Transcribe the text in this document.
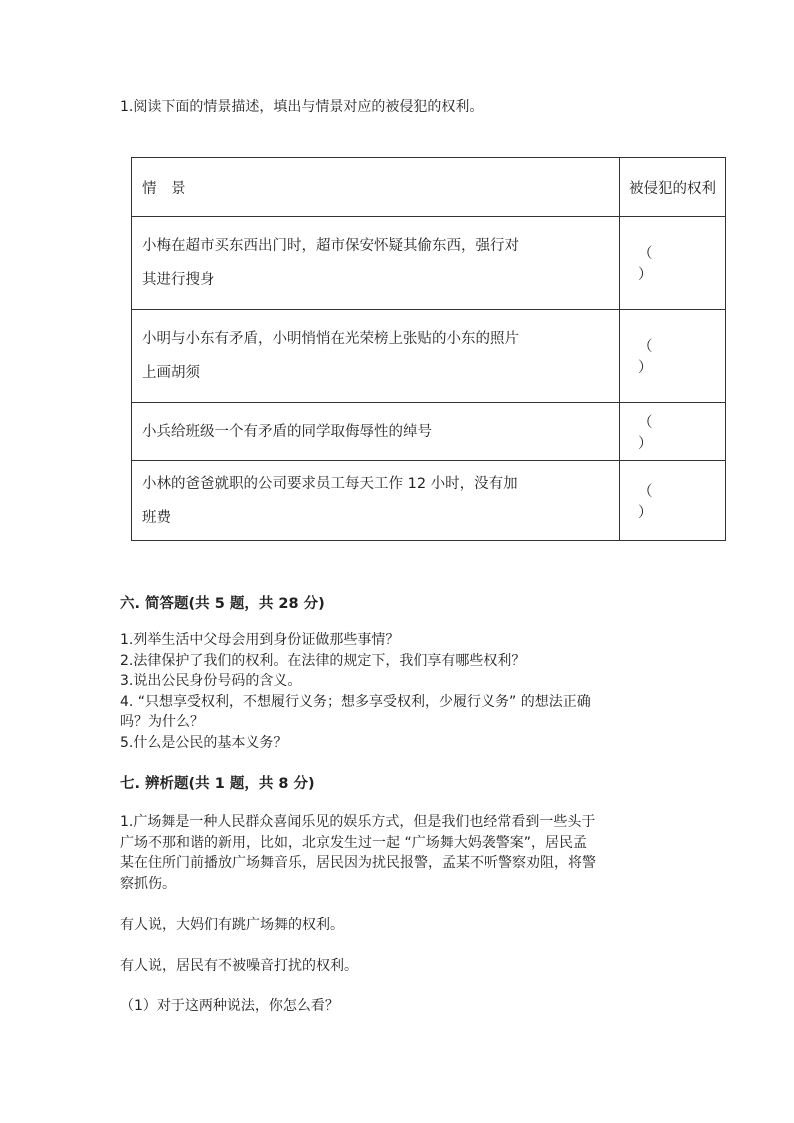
1.阅读下面的情景描述，填出与情景对应的被侵犯的权利。
情　景	被侵犯的权利

小梅在超市买东西出门时，超市保安怀疑其偷东西，强行对
其进行搜身	（）

小明与小东有矛盾，小明悄悄在光荣榜上张贴的小东的照片
上画胡须	（）

小兵给班级一个有矛盾的同学取侮辱性的绰号	（）

小林的爸爸就职的公司要求员工每天工作 12 小时，没有加
班费	（）
六. 简答题(共 5 题，共 28 分)
1.列举生活中父母会用到身份证做那些事情？
2.法律保护了我们的权利。在法律的规定下，我们享有哪些权利？
3.说出公民身份号码的含义。
4. “只想享受权利，不想履行义务；想多享受权利，少履行义务” 的想法正确
吗？为什么？
5.什么是公民的基本义务？
七. 辨析题(共 1 题，共 8 分)
1.广场舞是一种人民群众喜闻乐见的娱乐方式，但是我们也经常看到一些头于
广场不那和谐的新用，比如，北京发生过一起 “广场舞大妈袭警案”，居民孟
某在住所门前播放广场舞音乐，居民因为扰民报警，孟某不听警察劝阻，将警
察抓伤。
有人说，大妈们有跳广场舞的权利。
有人说，居民有不被噪音打扰的权利。
（1）对于这两种说法，你怎么看？
